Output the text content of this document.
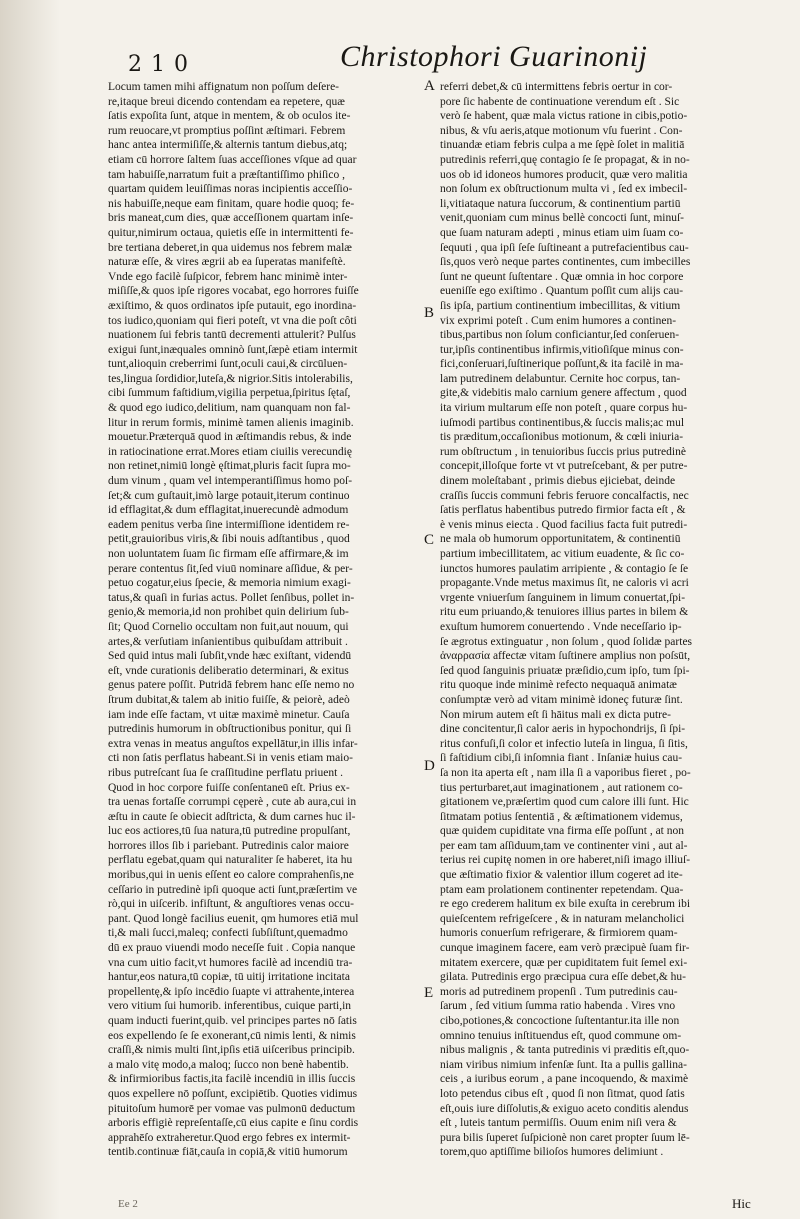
2 1 0	Christophori Guarinonij
Locum tamen mihi affignatum non poſſum deſere-
re,itaque breui dicendo contendam ea repetere, quæ
ſatis expoſita ſunt, atque in mentem, & ob oculos ite-
rum reuocare,vt promptius poſſint æſtimari. Febrem
hanc antea intermiſiſſe,& alternis tantum diebus,atq;
etiam cū horrore ſaltem ſuas acceſſiones vſque ad quar
tam habuiſſe,narratum fuit a præſtantiſſimo phiſico ,
quartam quidem leuiſſimas noras incipientis acceſſio-
nis habuiſſe,neque eam finitam, quare hodie quoq; fe-
bris maneat,cum dies, quæ acceſſionem quartam inſe-
quitur,nimirum octaua, quietis eſſe in intermittenti fe-
bre tertiana deberet,in qua uidemus nos febrem malæ
naturæ eſſe, & vires ægrii ab ea ſuperatas manifeſtè.
Vnde ego facilè ſuſpicor, febrem hanc minimè inter-
miſiſſe,& quos ipſe rigores vocabat, ego horrores fuiſſe
æxiſtimo, & quos ordinatos ipſe putauit, ego inordina-
tos iudico,quoniam qui fieri poteſt, vt vna die poſt côti
nuationem ſui febris tantū decrementi attulerit? Pulſus
exigui ſunt,inæquales omninò ſunt,ſæpè etiam intermit
tunt,alioquin creberrimi ſunt,oculi caui,& circūluen-
tes,lingua ſordidior,luteſa,& nigrior.Sitis intolerabilis,
cibi ſummum faſtidium,vigilia perpetua,ſpiritus ſętaſ,
& quod ego iudico,delitium, nam quanquam non fal-
litur in rerum formis, minimè tamen alienis imaginib.
mouetur.Præterquā quod in æſtimandis rebus, & inde
in ratiocinatione errat.Mores etiam ciuilis verecundię
non retinet,nimiū longè ęſtimat,pluris facit ſupra mo-
dum vinum , quam vel intemperantiſſimus homo poſ-
ſet;& cum guſtauit,imò large potauit,iterum continuo
id efflagitat,& dum efflagitat,inuerecundè admodum
eadem penitus verba ſine intermiſſione identidem re-
petit,grauioribus viris,& ſibi nouis adſtantibus , quod
non uoluntatem ſuam ſic firmam eſſe affirmare,& im
perare contentus ſit,ſed viuū nominare aſſidue, & per-
petuo cogatur,eius ſpecie, & memoria nimium exagi-
tatus,& quaſi in furias actus. Pollet ſenſibus, pollet in-
genio,& memoria,id non prohibet quin delirium ſub-
ſit; Quod Cornelio occultam non fuit,aut nouum, qui
artes,& verſutiam inſanientibus quibuſdam attribuit .
Sed quid intus mali ſubſit,vnde hæc exiſtant, videndū
eſt, vnde curationis deliberatio determinari, & exitus
genus patere poſſit. Putridā febrem hanc eſſe nemo no
ſtrum dubitat,& talem ab initio fuiſſe, & peiorè, adeò
iam inde eſſe factam, vt uitæ maximè minetur. Cauſa
putredinis humorum in obſtructionibus ponitur, qui ſi
extra venas in meatus anguſtos expellātur,in illis infar-
cti non ſatis perflatus habeant.Si in venis etiam maio-
ribus putreſcant ſua ſe craſſitudine perflatu priuent .
Quod in hoc corpore fuiſſe conſentaneū eſt. Prius ex-
tra uenas fortaſſe corrumpi cęperè , cute ab aura,cui in
æſtu in caute ſe obiecit adſtricta, & dum carnes huc il-
luc eos actiores,tū ſua natura,tū putredine propulſant,
horrores illos ſib i pariebant. Putredinis calor maiore
perflatu egebat,quam qui naturaliter ſe haberet, ita hu
moribus,qui in uenis eſſent eo calore comprahenſis,ne
ceſſario in putredinè ipſi quoque acti ſunt,præſertim ve
rò,qui in uiſcerib. infiſtunt, & anguſtiores venas occu-
pant. Quod longè facilius euenit, qm humores etiā mul
ti,& mali ſucci,maleq; confecti ſubſiſtunt,quemadmo
dū ex prauo viuendi modo neceſſe fuit . Copia nanque
vna cum uitio facit,vt humores facilè ad incendiū tra-
hantur,eos natura,tū copiæ, tū uitij irritatione incitata
propellentę,& ipſo incēdio ſuapte vi attrahente,interea
vero vitium ſui humorib. inferentibus, cuique parti,in
quam inducti fuerint,quib. vel principes partes nō ſatis
eos expellendo ſe ſe exonerant,cū nimis lenti, & nimis
craſſi,& nimis multi ſint,ipſis etiā uiſceribus principib.
a malo vitę modo,a maloq; ſucco non benè habentib.
& infirmioribus factis,ita facilè incendiū in illis ſuccis
quos expellere nō poſſunt, excipiētib. Quoties vidimus
pituitoſum humorē per vomae vas pulmonū deductum
arboris effigiè repreſentaſſe,cū eius capite e ſinu cordis
apprahēſo extraheretur.Quod ergo febres ex intermit-
tentib.continuæ fiāt,cauſa in copiā,& vitiū humorum
referri debet,& cū intermittens febris oertur in cor-
pore ſic habente de continuatione verendum eſt . Sic
verò ſe habent, quæ mala victus ratione in cibis,potio-
nibus, & vſu aeris,atque motionum vſu fuerint . Con-
tinuandæ etiam febris culpa a me ſępè ſolet in malitiā
putredinis referri,quę contagio ſe ſe propagat, & in no-
uos ob id idoneos humores producit, quæ vero malitia
non ſolum ex obſtructionum multa vi , ſed ex imbecil-
li,vitiataque natura ſuccorum, & continentium partiū
venit,quoniam cum minus bellè concocti ſunt, minuſ-
que ſuam naturam adepti , minus etiam uim ſuam co-
ſequuti , qua ipſi ſeſe ſuſtineant a putrefacientibus cau-
ſis,quos verò neque partes continentes, cum imbecilles
ſunt ne queunt ſuſtentare . Quæ omnia in hoc corpore
eueniſſe ego exiſtimo . Quantum poſſit cum alijs cau-
ſis ipſa, partium continentium imbecillitas, & vitium
vix exprimi poteſt . Cum enim humores a continen-
tibus,partibus non ſolum conficiantur,ſed conſeruen-
tur,ipſis continentibus infirmis,vitioſiſque minus con-
fici,conſeruari,ſuſtinerique poſſunt,& ita facilè in ma-
lam putredinem delabuntur. Cernite hoc corpus, tan-
gite,& videbitis malo carnium genere affectum , quod
ita virium multarum eſſe non poteſt , quare corpus hu-
iuſmodi partibus continentibus,& ſuccis malis;ac mul
tis præditum,occaſionibus motionum, & cœli iniuria-
rum obſtructum , in tenuioribus ſuccis prius putredinè
concepit,illoſque forte vt vt putreſcebant, & per putre-
dinem moleſtabant , primis diebus ejiciebat, deinde
craſſis ſuccis communi febris feruore concalfactis, nec
ſatis perflatus habentibus putredo firmior facta eſt , &
è venis minus eiecta . Quod facilius facta fuit putredi-
ne mala ob humorum opportunitatem, & continentiū
partium imbecillitatem, ac vitium euadente, & ſic co-
iunctos humores paulatim arripiente , & contagio ſe ſe
propagante.Vnde metus maximus ſit, ne caloris vi acri
vrgente vniuerſum ſanguinem in limum conuertat,ſpi-
ritu eum priuando,& tenuiores illius partes in bilem &
exuſtum humorem conuertendo . Vnde neceſſario ip-
ſe ægrotus extinguatur , non ſolum , quod ſolidæ partes
ἀναρρασία affectæ vitam ſuſtinere amplius non poſsūt,
ſed quod ſanguinis priuatæ præſidio,cum ipſo, tum ſpi-
ritu quoque inde minimè refecto nequaquā animatæ
conſumptæ verò ad vitam minimè idoneç futuræ ſint.
Non mirum autem eſt ſi hāitus mali ex dicta putre-
dine concitentur,ſi calor aeris in hypochondrijs, ſi ſpi-
ritus confuſi,ſi color et infectio luteſa in lingua, ſi ſitis,
ſi faſtidium cibi,ſi inſomnia fiant . Inſaniæ huius cau-
ſa non ita aperta eſt , nam illa ſi a vaporibus fieret , po-
tius perturbaret,aut imaginationem , aut rationem co-
gitationem ve,præſertim quod cum calore illi ſunt. Hic
ſitmatam potius ſententiā , & æſtimationem videmus,
quæ quidem cupiditate vna firma eſſe poſſunt , at non
per eam tam aſſiduum,tam ve continenter vini , aut al-
terius rei cupitę nomen in ore haberet,niſi imago illiuſ-
que æſtimatio fixior & valentior illum cogeret ad ite-
ptam eam prolationem continenter repetendam. Qua-
re ego crederem halitum ex bile exuſta in cerebrum ibi
quieſcentem refrigeſcere , & in naturam melancholici
humoris conuerſum refrigerare, & firmiorem quam-
cunque imaginem facere, eam verò præcipuè ſuam fir-
mitatem exercere, quæ per cupiditatem fuit ſemel exi-
gilata. Putredinis ergo præcipua cura eſſe debet,& hu-
moris ad putredinem propenſi . Tum putredinis cau-
ſarum , ſed vitium ſumma ratio habenda . Vires vno
cibo,potiones,& concoctione ſuſtentantur.ita ille non
omnino tenuius inſtituendus eſt, quod commune om-
nibus malignis , & tanta putredinis vi præditis eſt,quo-
niam viribus nimium infenſæ ſunt. Ita a pullis gallina-
ceis , a iuribus eorum , a pane incoquendo, & maximè
loto petendus cibus eſt , quod ſi non ſitmat, quod ſatis
eſt,ouis iure diſſolutis,& exiguo aceto conditis alendus
eſt , luteis tantum permiſſis. Ouum enim niſi vera &
pura bilis ſuperet ſuſpicionè non caret propter ſuum lē-
torem,quo aptiſſime bilioſos humores delimiunt .
A
B
C
D
E
Ee 2	Hic
